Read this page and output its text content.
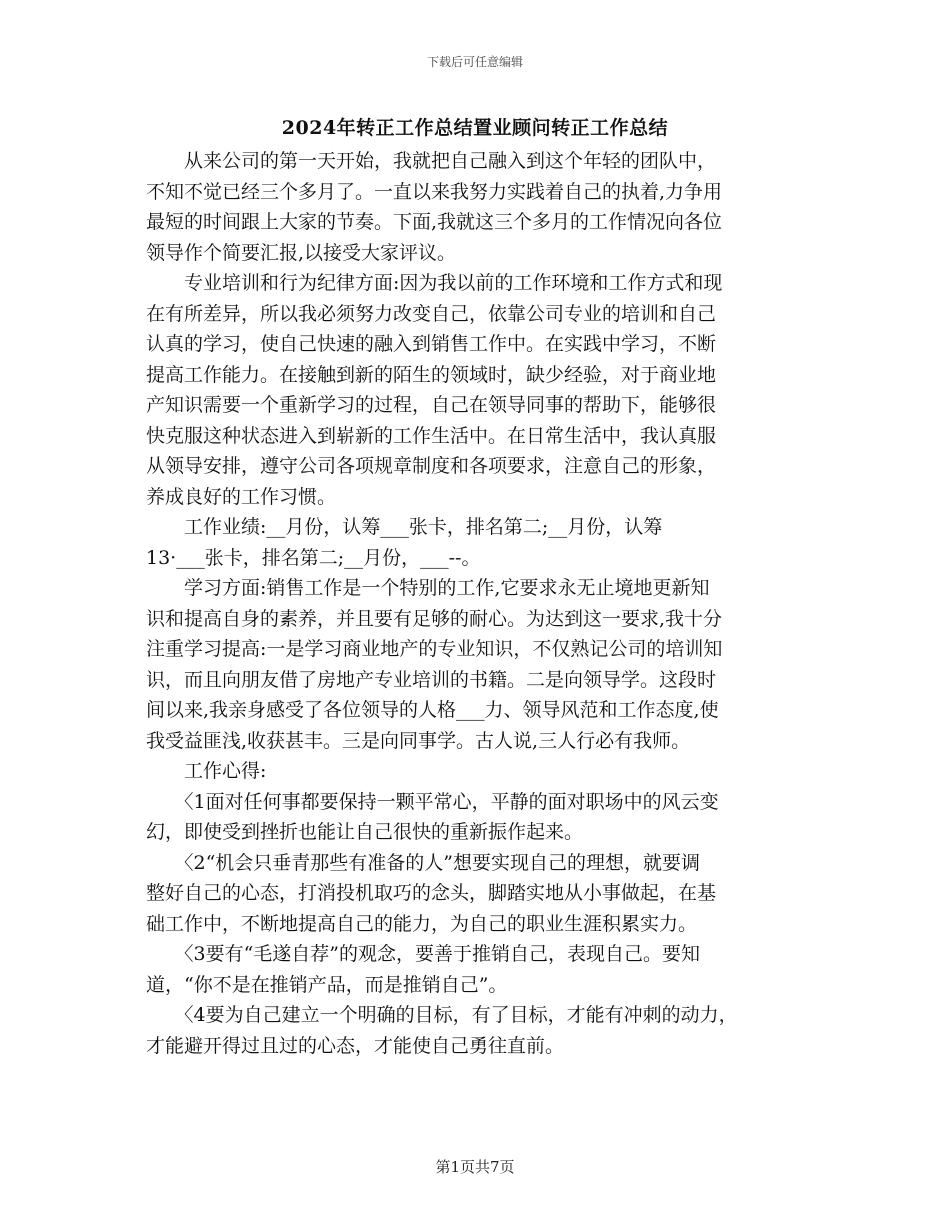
下载后可任意编辑
2024年转正工作总结置业顾问转正工作总结

　　从来公司的第一天开始，我就把自己融入到这个年轻的团队中，

不知不觉已经三个多月了。一直以来我努力实践着自己的执着,力争用

最短的时间跟上大家的节奏。下面,我就这三个多月的工作情况向各位

领导作个简要汇报,以接受大家评议。

　　专业培训和行为纪律方面:因为我以前的工作环境和工作方式和现

在有所差异，所以我必须努力改变自己，依靠公司专业的培训和自己

认真的学习，使自己快速的融入到销售工作中。在实践中学习，不断

提高工作能力。在接触到新的陌生的领域时，缺少经验，对于商业地

产知识需要一个重新学习的过程，自己在领导同事的帮助下，能够很

快克服这种状态进入到崭新的工作生活中。在日常生活中，我认真服

从领导安排，遵守公司各项规章制度和各项要求，注意自己的形象，

养成良好的工作习惯。

　　工作业绩:__月份，认筹___张卡，排名第二;__月份，认筹

13·___张卡，排名第二;__月份，___--。

　　学习方面:销售工作是一个特别的工作,它要求永无止境地更新知

识和提高自身的素养，并且要有足够的耐心。为达到这一要求,我十分

注重学习提高:一是学习商业地产的专业知识，不仅熟记公司的培训知

识，而且向朋友借了房地产专业培训的书籍。二是向领导学。这段时

间以来,我亲身感受了各位领导的人格___力、领导风范和工作态度,使

我受益匪浅,收获甚丰。三是向同事学。古人说,三人行必有我师。

　　工作心得:

　　〈1面对任何事都要保持一颗平常心，平静的面对职场中的风云变

幻，即使受到挫折也能让自己很快的重新振作起来。

　　〈2“机会只垂青那些有准备的人”想要实现自己的理想，就要调

整好自己的心态，打消投机取巧的念头，脚踏实地从小事做起，在基

础工作中，不断地提高自己的能力，为自己的职业生涯积累实力。

　　〈3要有“毛遂自荐”的观念，要善于推销自己，表现自己。要知

道，“你不是在推销产品，而是推销自己”。

　　〈4要为自己建立一个明确的目标，有了目标，才能有冲刺的动力，

才能避开得过且过的心态，才能使自己勇往直前。

第1页共7页
